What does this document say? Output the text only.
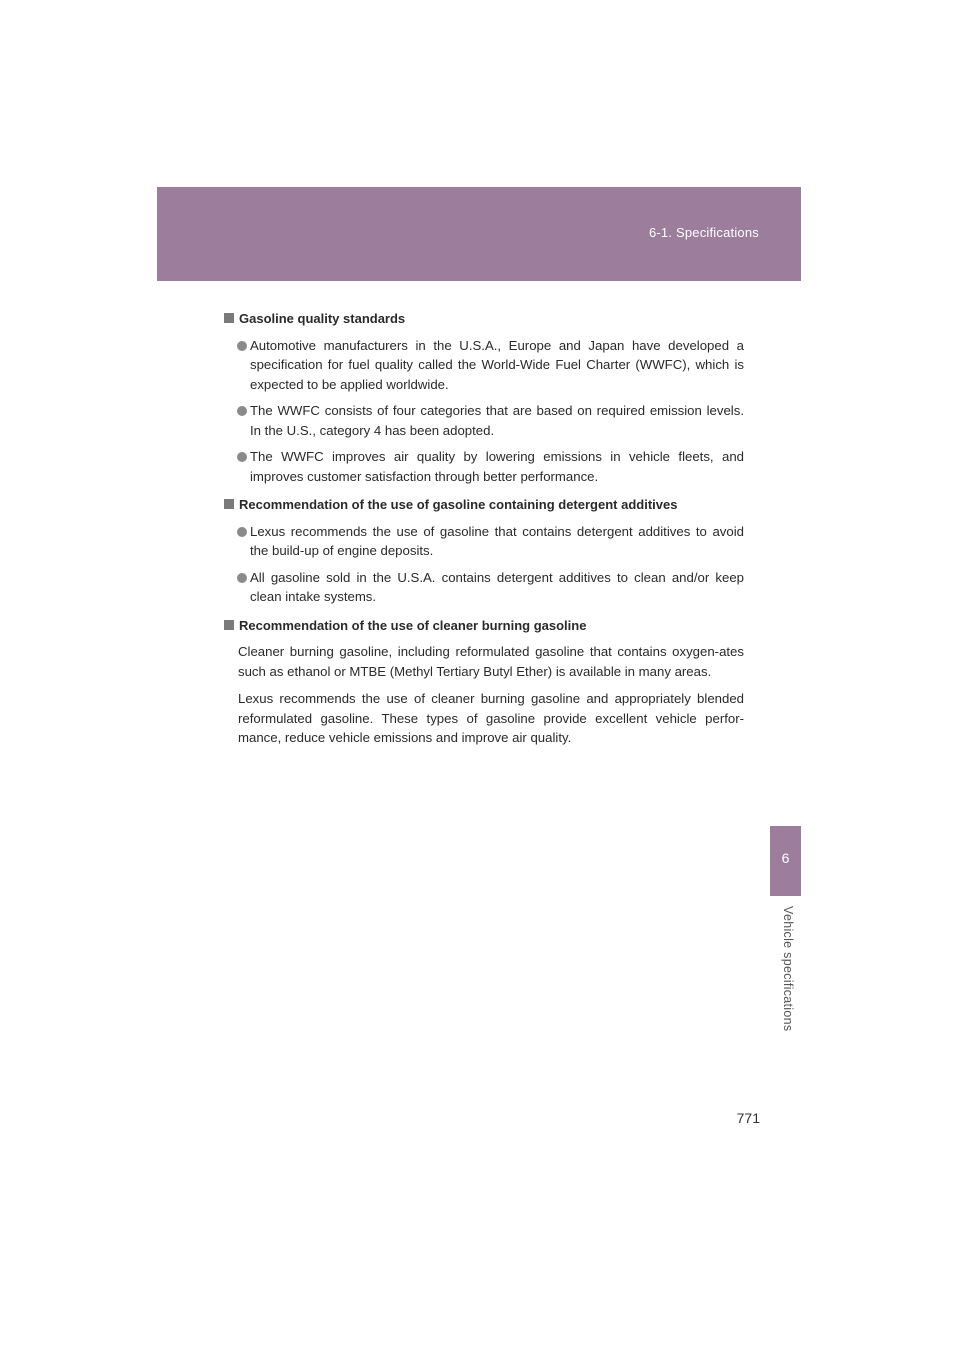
6-1. Specifications
6
Vehicle specifications
Gasoline quality standards
Automotive manufacturers in the U.S.A., Europe and Japan have developed a specification for fuel quality called the World-Wide Fuel Charter (WWFC), which is expected to be applied worldwide.
The WWFC consists of four categories that are based on required emission levels. In the U.S., category 4 has been adopted.
The WWFC improves air quality by lowering emissions in vehicle fleets, and improves customer satisfaction through better performance.
Recommendation of the use of gasoline containing detergent additives
Lexus recommends the use of gasoline that contains detergent additives to avoid the build-up of engine deposits.
All gasoline sold in the U.S.A. contains detergent additives to clean and/or keep clean intake systems.
Recommendation of the use of cleaner burning gasoline

Cleaner burning gasoline, including reformulated gasoline that contains oxygen-ates such as ethanol or MTBE (Methyl Tertiary Butyl Ether) is available in many areas.

Lexus recommends the use of cleaner burning gasoline and appropriately blended reformulated gasoline. These types of gasoline provide excellent vehicle perfor-mance, reduce vehicle emissions and improve air quality.

771
